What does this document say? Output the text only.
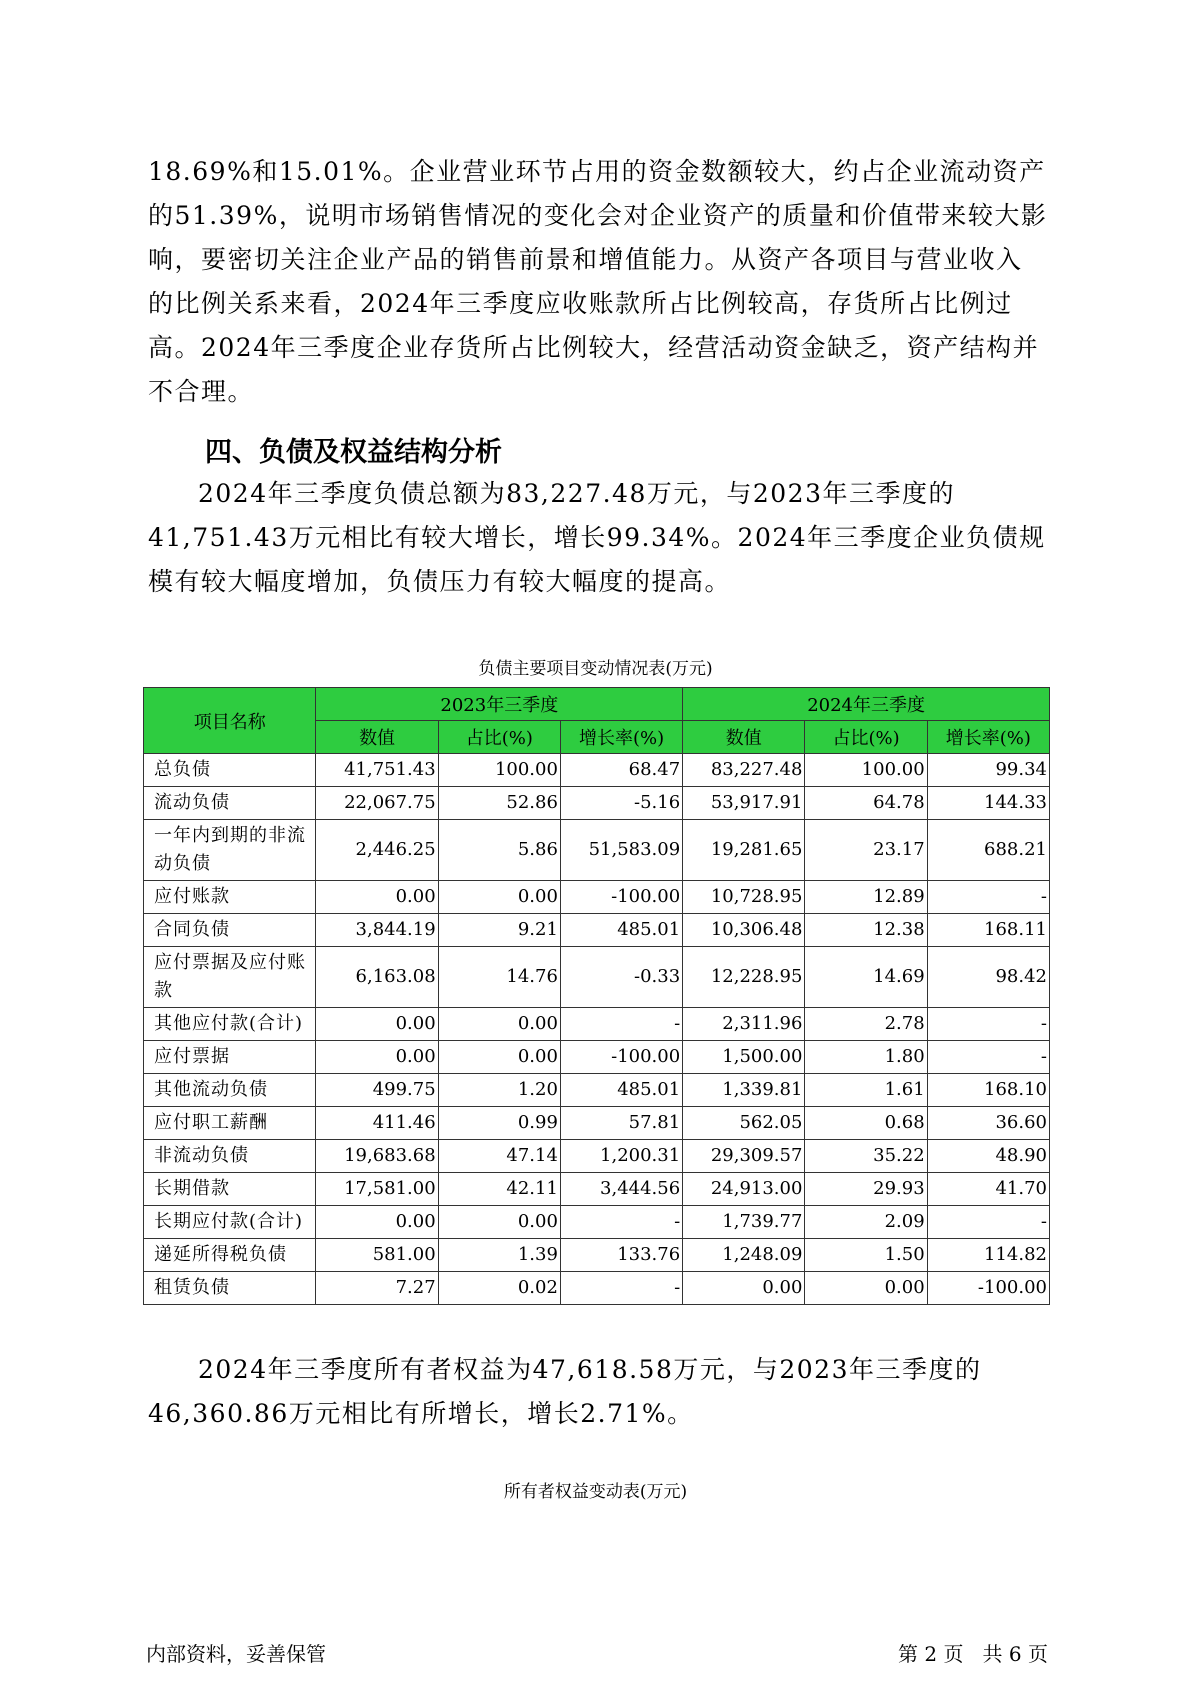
18.69%和15.01%。企业营业环节占用的资金数额较大，约占企业流动资产的51.39%，说明市场销售情况的变化会对企业资产的质量和价值带来较大影响，要密切关注企业产品的销售前景和增值能力。从资产各项目与营业收入的比例关系来看，2024年三季度应收账款所占比例较高，存货所占比例过高。2024年三季度企业存货所占比例较大，经营活动资金缺乏，资产结构并不合理。

四、负债及权益结构分析

2024年三季度负债总额为83,227.48万元，与2023年三季度的41,751.43万元相比有较大增长，增长99.34%。2024年三季度企业负债规模有较大幅度增加，负债压力有较大幅度的提高。

负债主要项目变动情况表(万元)

项目名称	2023年三季度			2024年三季度		
	数值	占比(%)	增长率(%)	数值	占比(%)	增长率(%)
总负债	41,751.43	100.00	68.47	83,227.48	100.00	99.34
流动负债	22,067.75	52.86	-5.16	53,917.91	64.78	144.33
一年内到期的非流动负债	2,446.25	5.86	51,583.09	19,281.65	23.17	688.21
应付账款	0.00	0.00	-100.00	10,728.95	12.89	-
合同负债	3,844.19	9.21	485.01	10,306.48	12.38	168.11
应付票据及应付账款	6,163.08	14.76	-0.33	12,228.95	14.69	98.42
其他应付款(合计)	0.00	0.00	-	2,311.96	2.78	-
应付票据	0.00	0.00	-100.00	1,500.00	1.80	-
其他流动负债	499.75	1.20	485.01	1,339.81	1.61	168.10
应付职工薪酬	411.46	0.99	57.81	562.05	0.68	36.60
非流动负债	19,683.68	47.14	1,200.31	29,309.57	35.22	48.90
长期借款	17,581.00	42.11	3,444.56	24,913.00	29.93	41.70
长期应付款(合计)	0.00	0.00	-	1,739.77	2.09	-
递延所得税负债	581.00	1.39	133.76	1,248.09	1.50	114.82
租赁负债	7.27	0.02	-	0.00	0.00	-100.00

2024年三季度所有者权益为47,618.58万元，与2023年三季度的46,360.86万元相比有所增长，增长2.71%。

所有者权益变动表(万元)

内部资料，妥善保管	第 2 页   共 6 页
